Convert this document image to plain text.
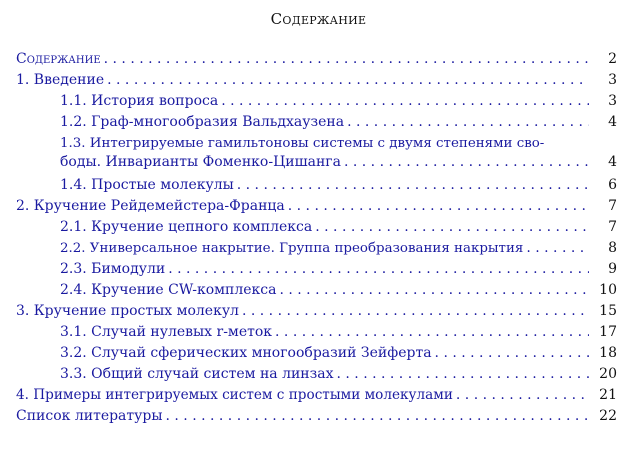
Содержание
Содержание . . .	2
1. Введение . . .	3
1.1. История вопроса . . .	3
1.2. Граф-многообразия Вальдхаузена . . .	4
1.3. Интегрируемые гамильтоновы системы с двумя степенями сво-
боды. Инварианты Фоменко-Цишанга . . .	4
1.4. Простые молекулы . . .	6
2. Кручение Рейдемейстера-Франца . . .	7
2.1. Кручение цепного комплекса . . .	7
2.2. Универсальное накрытие. Группа преобразования накрытия . . .	8
2.3. Бимодули . . .	9
2.4. Кручение CW-комплекса . . .	10
3. Кручение простых молекул . . .	15
3.1. Случай нулевых r-меток . . .	17
3.2. Случай сферических многообразий Зейферта . . .	18
3.3. Общий случай систем на линзах . . .	20
4. Примеры интегрируемых систем с простыми молекулами . . .	21
Список литературы . . .	22
